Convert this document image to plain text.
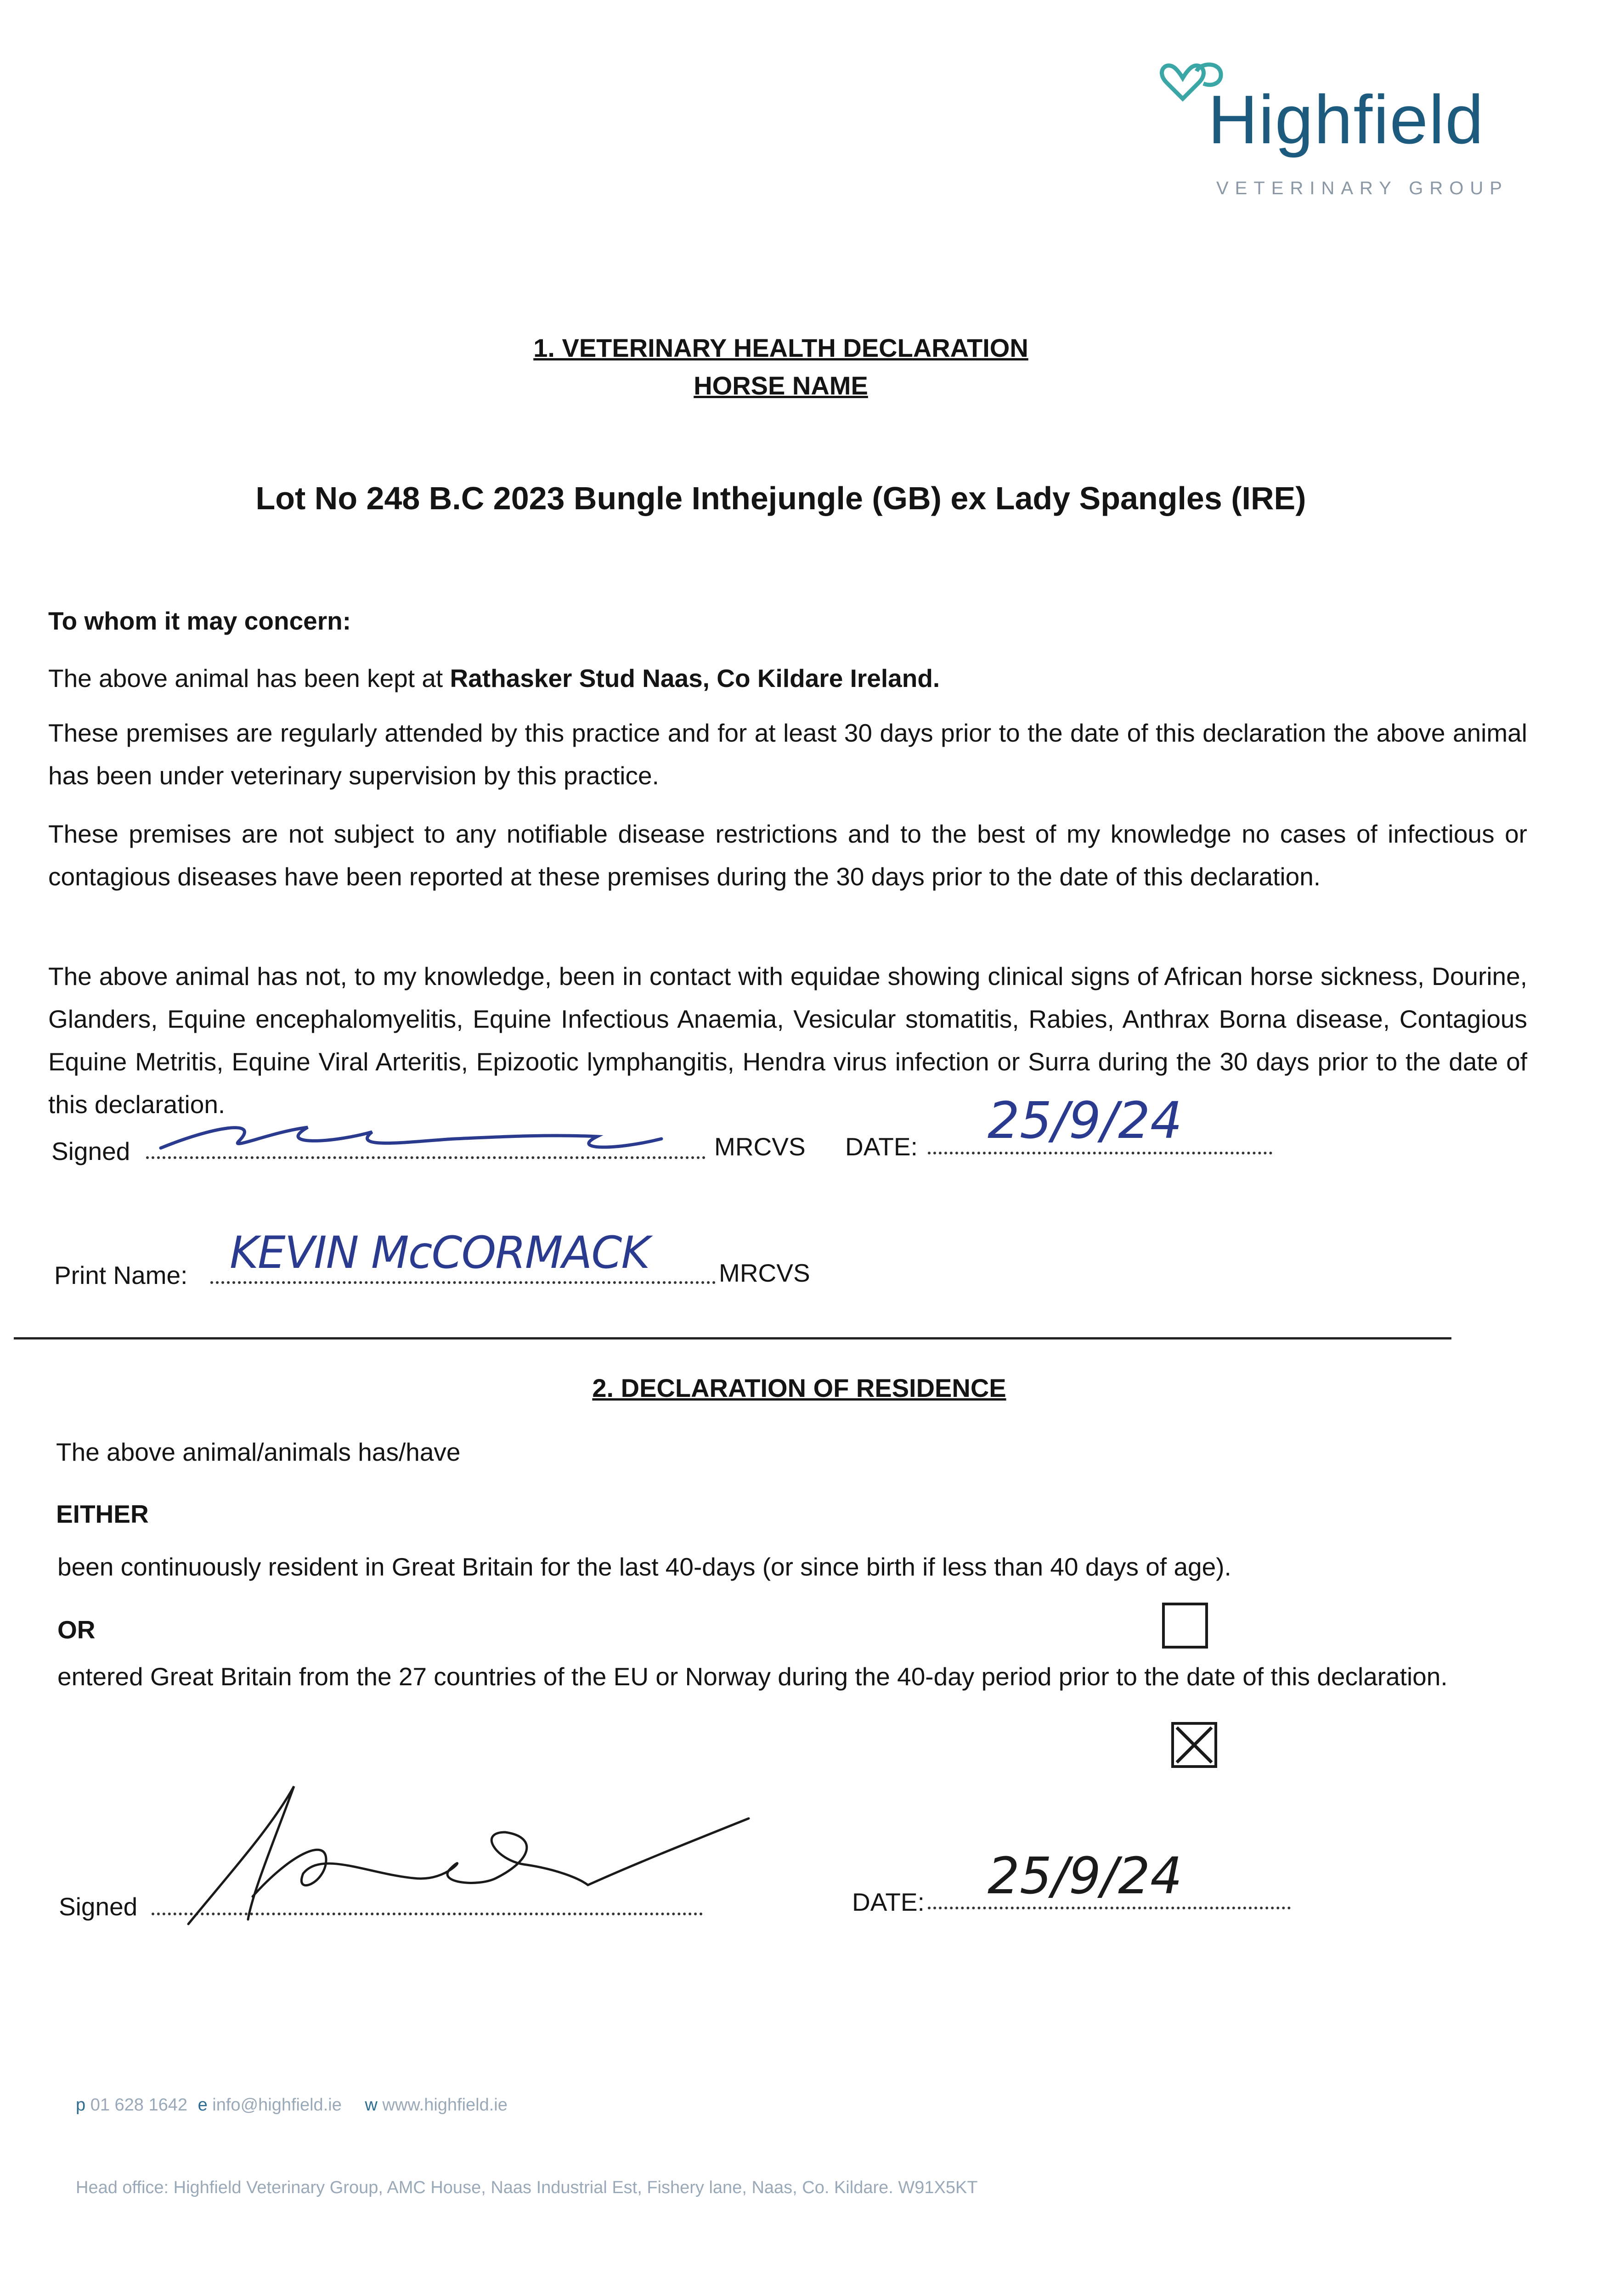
Highfield
VETERINARY GROUP
1. VETERINARY HEALTH DECLARATION
HORSE NAME
Lot No 248 B.C 2023 Bungle Inthejungle (GB) ex Lady Spangles (IRE)
To whom it may concern:
The above animal has been kept at Rathasker Stud Naas, Co Kildare Ireland.
These premises are regularly attended by this practice and for at least 30 days prior to the date of this declaration the above animal has been under veterinary supervision by this practice.
These premises are not subject to any notifiable disease restrictions and to the best of my knowledge no cases of infectious or contagious diseases have been reported at these premises during the 30 days prior to the date of this declaration.
The above animal has not, to my knowledge, been in contact with equidae showing clinical signs of African horse sickness, Dourine, Glanders, Equine encephalomyelitis, Equine Infectious Anaemia, Vesicular stomatitis, Rabies, Anthrax Borna disease, Contagious Equine Metritis, Equine Viral Arteritis, Epizootic lymphangitis, Hendra virus infection or Surra during the 30 days prior to the date of this declaration.
Signed	MRCVS DATE: 25/9/24
Print Name:	MRCVS
KEVIN McCORMACK
2. DECLARATION OF RESIDENCE
The above animal/animals has/have
EITHER
been continuously resident in Great Britain for the last 40-days (or since birth if less than 40 days of age).
OR
entered Great Britain from the 27 countries of the EU or Norway during the 40-day period prior to the date of this declaration.
Signed	DATE: 25/9/24
p 01 628 1642 e info@highfield.ie w www.highfield.ie
Head office: Highfield Veterinary Group, AMC House, Naas Industrial Est, Fishery lane, Naas, Co. Kildare. W91X5KT
